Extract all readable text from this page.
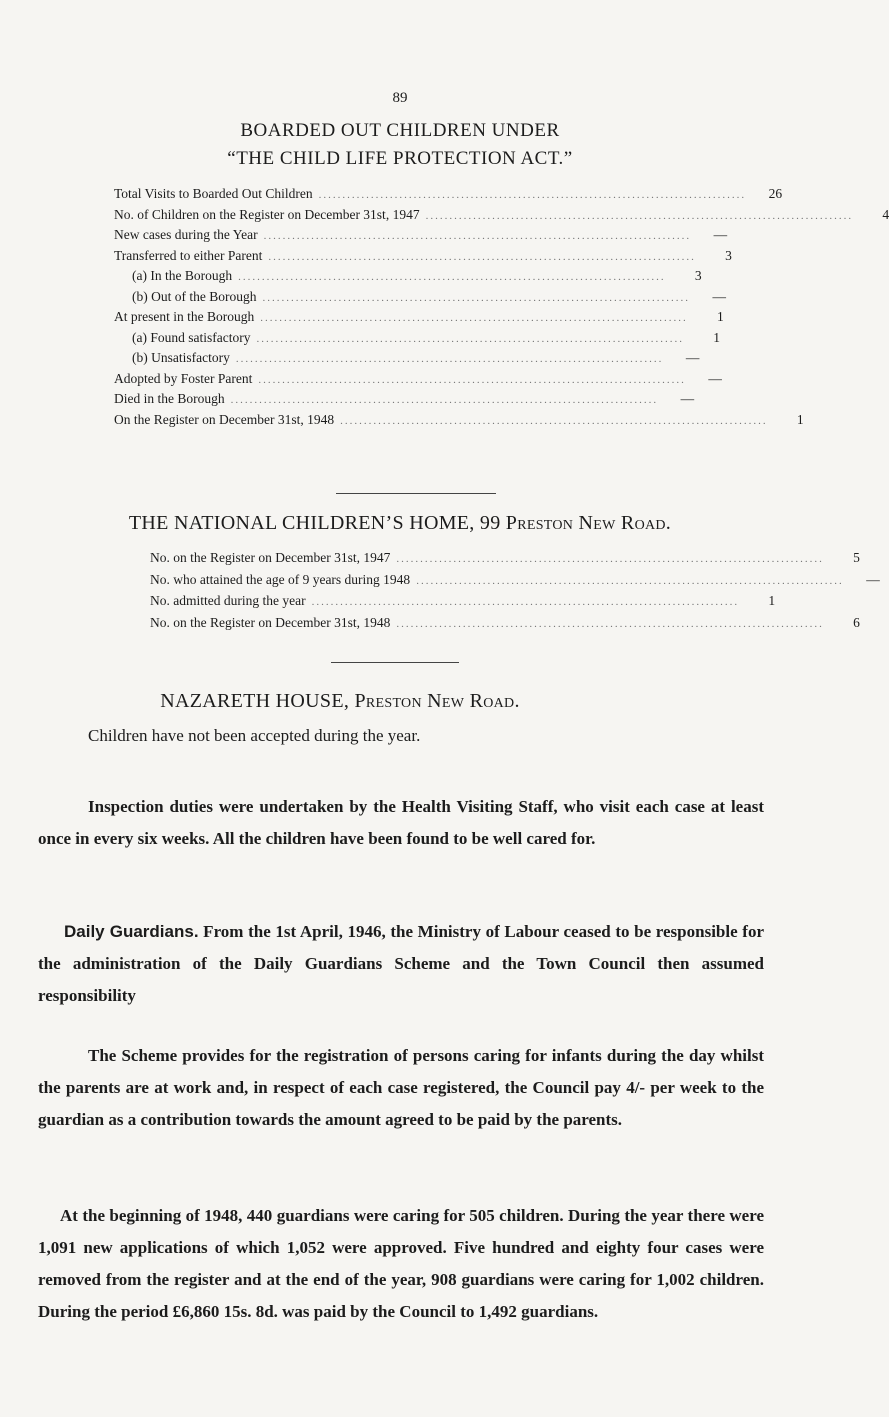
89
BOARDED OUT CHILDREN UNDER
“THE CHILD LIFE PROTECTION ACT.”
Total Visits to Boarded Out Children ..........................................................................................	26
No. of Children on the Register on December 31st, 1947 ..........................................................................................	4
New cases during the Year ..........................................................................................	—
Transferred to either Parent ..........................................................................................	3
(a) In the Borough ..........................................................................................	3
(b) Out of the Borough ..........................................................................................	—
At present in the Borough ..........................................................................................	1
(a) Found satisfactory ..........................................................................................	1
(b) Unsatisfactory ..........................................................................................	—
Adopted by Foster Parent ..........................................................................................	—
Died in the Borough ..........................................................................................	—
On the Register on December 31st, 1948 ..........................................................................................	1
THE NATIONAL CHILDREN’S HOME, 99 Preston New Road.
No. on the Register on December 31st, 1947 ..........................................................................................	5
No. who attained the age of 9 years during 1948 ..........................................................................................	—
No. admitted during the year ..........................................................................................	1
No. on the Register on December 31st, 1948 ..........................................................................................	6
NAZARETH HOUSE, Preston New Road.
Children have not been accepted during the year.
Inspection duties were undertaken by the Health Visiting Staff, who visit each case at least once in every six weeks. All the children have been found to be well cared for.
Daily Guardians. From the 1st April, 1946, the Ministry of Labour ceased to be responsible for the administration of the Daily Guardians Scheme and the Town Council then assumed responsibility
The Scheme provides for the registration of persons caring for infants during the day whilst the parents are at work and, in respect of each case registered, the Council pay 4/- per week to the guardian as a contribution towards the amount agreed to be paid by the parents.
At the beginning of 1948, 440 guardians were caring for 505 children. During the year there were 1,091 new applications of which 1,052 were approved. Five hundred and eighty four cases were removed from the register and at the end of the year, 908 guardians were caring for 1,002 children. During the period £6,860 15s. 8d. was paid by the Council to 1,492 guardians.
